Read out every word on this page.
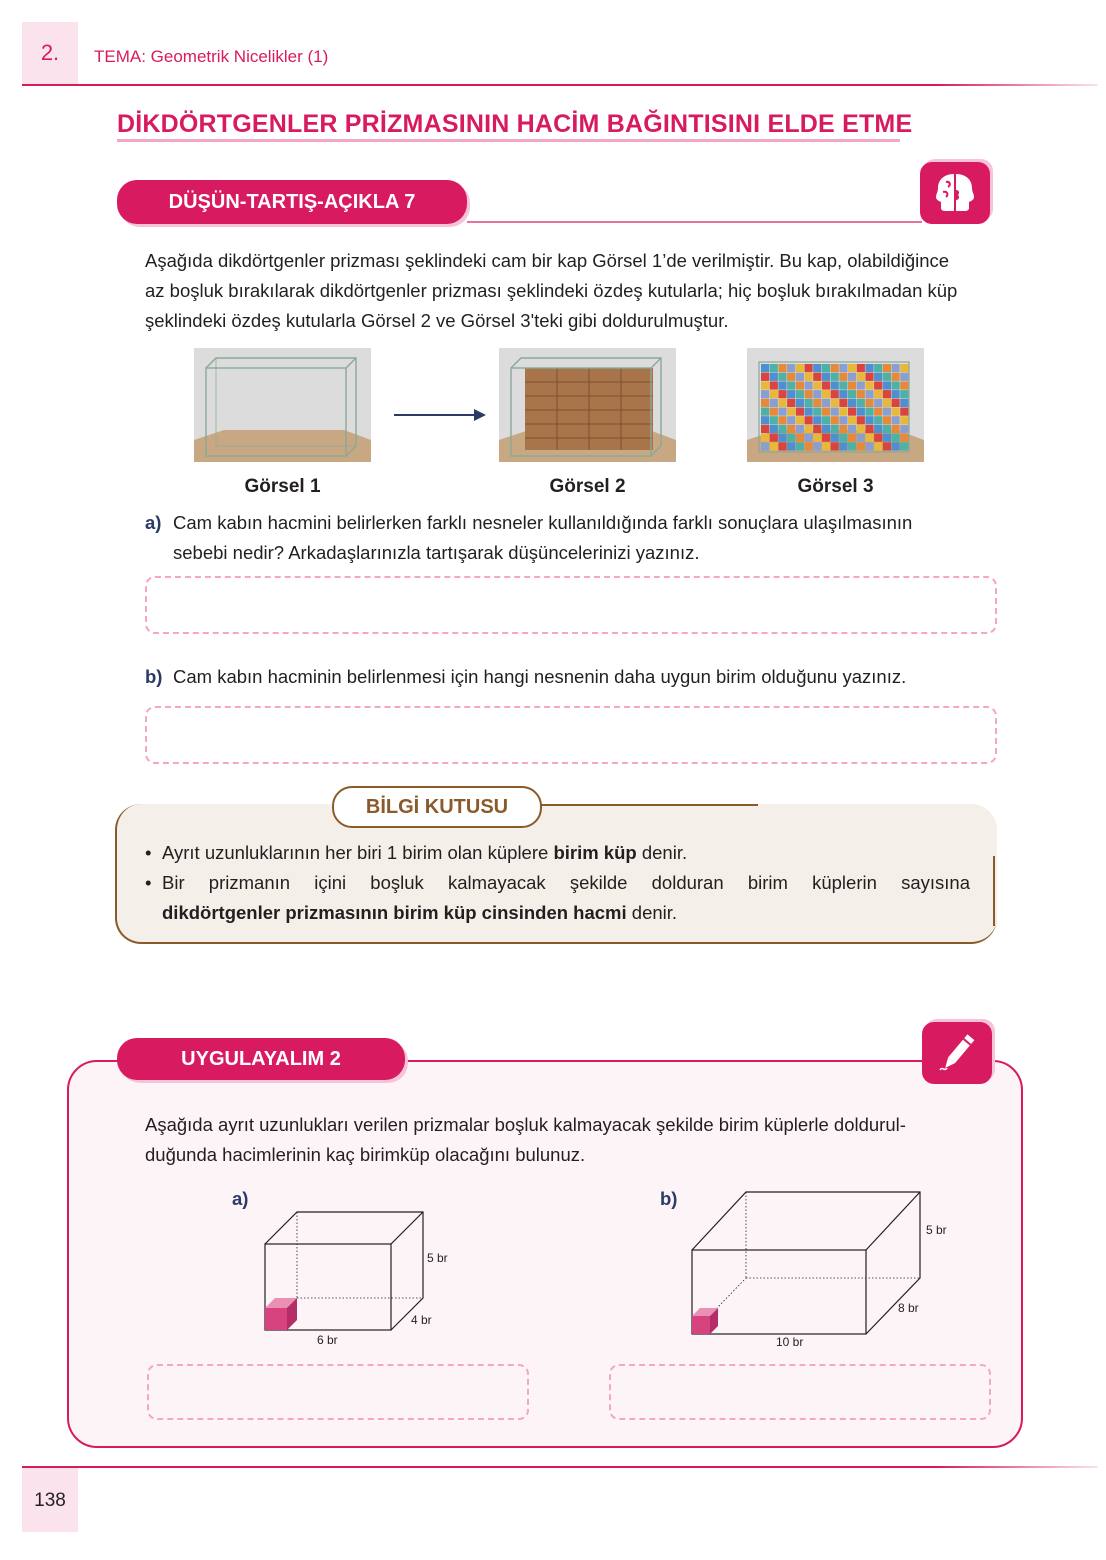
2.	TEMA: Geometrik Nicelikler (1)
DİKDÖRTGENLER PRİZMASININ HACİM BAĞINTISINI ELDE ETME
DÜŞÜN-TARTIŞ-AÇIKLA 7
Aşağıda dikdörtgenler prizması şeklindeki cam bir kap Görsel 1’de verilmiştir. Bu kap, olabildiğince
az boşluk bırakılarak dikdörtgenler prizması şeklindeki özdeş kutularla; hiç boşluk bırakılmadan küp
şeklindeki özdeş kutularla Görsel 2 ve Görsel 3'teki gibi doldurulmuştur.
Görsel 1	Görsel 2	Görsel 3
a) Cam kabın hacmini belirlerken farklı nesneler kullanıldığında farklı sonuçlara ulaşılmasının
sebebi nedir? Arkadaşlarınızla tartışarak düşüncelerinizi yazınız.
b) Cam kabın hacminin belirlenmesi için hangi nesnenin daha uygun birim olduğunu yazınız.
BİLGİ KUTUSU
• Ayrıt uzunluklarının her biri 1 birim olan küplere birim küp denir.
• Bir prizmanın içini boşluk kalmayacak şekilde dolduran birim küplerin sayısına
dikdörtgenler prizmasının birim küp cinsinden hacmi denir.
UYGULAYALIM 2
Aşağıda ayrıt uzunlukları verilen prizmalar boşluk kalmayacak şekilde birim küplerle doldurul-
duğunda hacimlerinin kaç birimküp olacağını bulunuz.
a)
5 br
4 br
6 br
b)
5 br
8 br
10 br
138
